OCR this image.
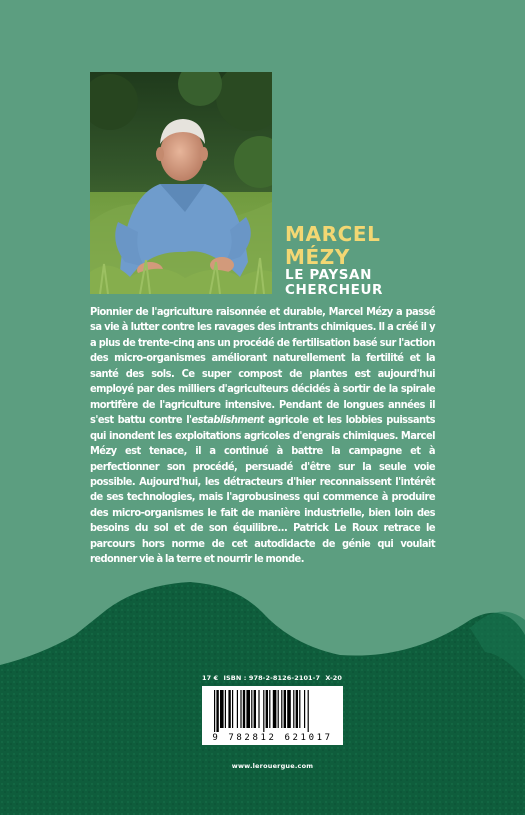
MARCEL
MÉZY
LE PAYSAN
CHERCHEUR

Pionnier de l'agriculture raisonnée et durable, Marcel Mézy a passé sa vie à lutter contre les ravages des intrants chimiques. Il a créé il y a plus de trente-cinq ans un procédé de fertilisation basé sur l'action des micro-organismes améliorant naturellement la fertilité et la santé des sols. Ce super compost de plantes est aujourd'hui employé par des milliers d'agriculteurs décidés à sortir de la spirale mortifère de l'agriculture intensive. Pendant de longues années il s'est battu contre l'establishment agricole et les lobbies puissants qui inondent les exploitations agricoles d'engrais chimiques. Marcel Mézy est tenace, il a continué à battre la campagne et à perfectionner son procédé, persuadé d'être sur la seule voie possible. Aujourd'hui, les détracteurs d'hier reconnaissent l'intérêt de ses technologies, mais l'agrobusiness qui commence à produire des micro-organismes le fait de manière industrielle, bien loin des besoins du sol et de son équilibre... Patrick Le Roux retrace le parcours hors norme de cet autodidacte de génie qui voulait redonner vie à la terre et nourrir le monde.

17 € ISBN : 978-2-8126-2101-7 X-20
9 782812 621017
www.lerouergue.com
